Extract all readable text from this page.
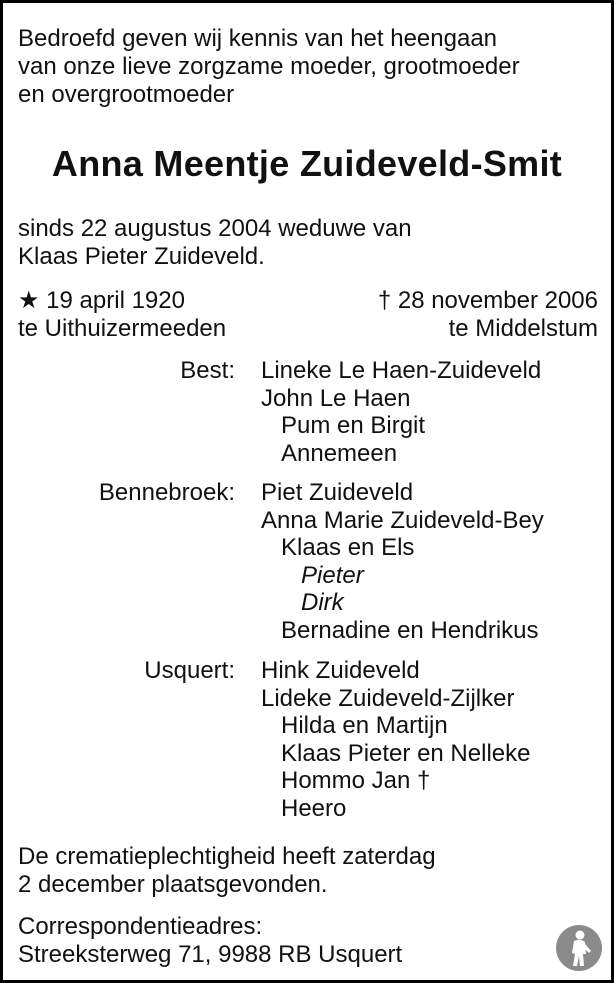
Bedroefd geven wij kennis van het heengaan
van onze lieve zorgzame moeder, grootmoeder
en overgrootmoeder
Anna Meentje Zuideveld-Smit
sinds 22 augustus 2004 weduwe van
Klaas Pieter Zuideveld.
★ 19 april 1920
te Uithuizermeeden
† 28 november 2006
te Middelstum
Best: Lineke Le Haen-Zuideveld
John Le Haen
Pum en Birgit
Annemeen
Bennebroek: Piet Zuideveld
Anna Marie Zuideveld-Bey
Klaas en Els
Pieter
Dirk
Bernadine en Hendrikus
Usquert: Hink Zuideveld
Lideke Zuideveld-Zijlker
Hilda en Martijn
Klaas Pieter en Nelleke
Hommo Jan †
Heero
De crematieplechtigheid heeft zaterdag
2 december plaatsgevonden.
Correspondentieadres:
Streeksterweg 71, 9988 RB Usquert
